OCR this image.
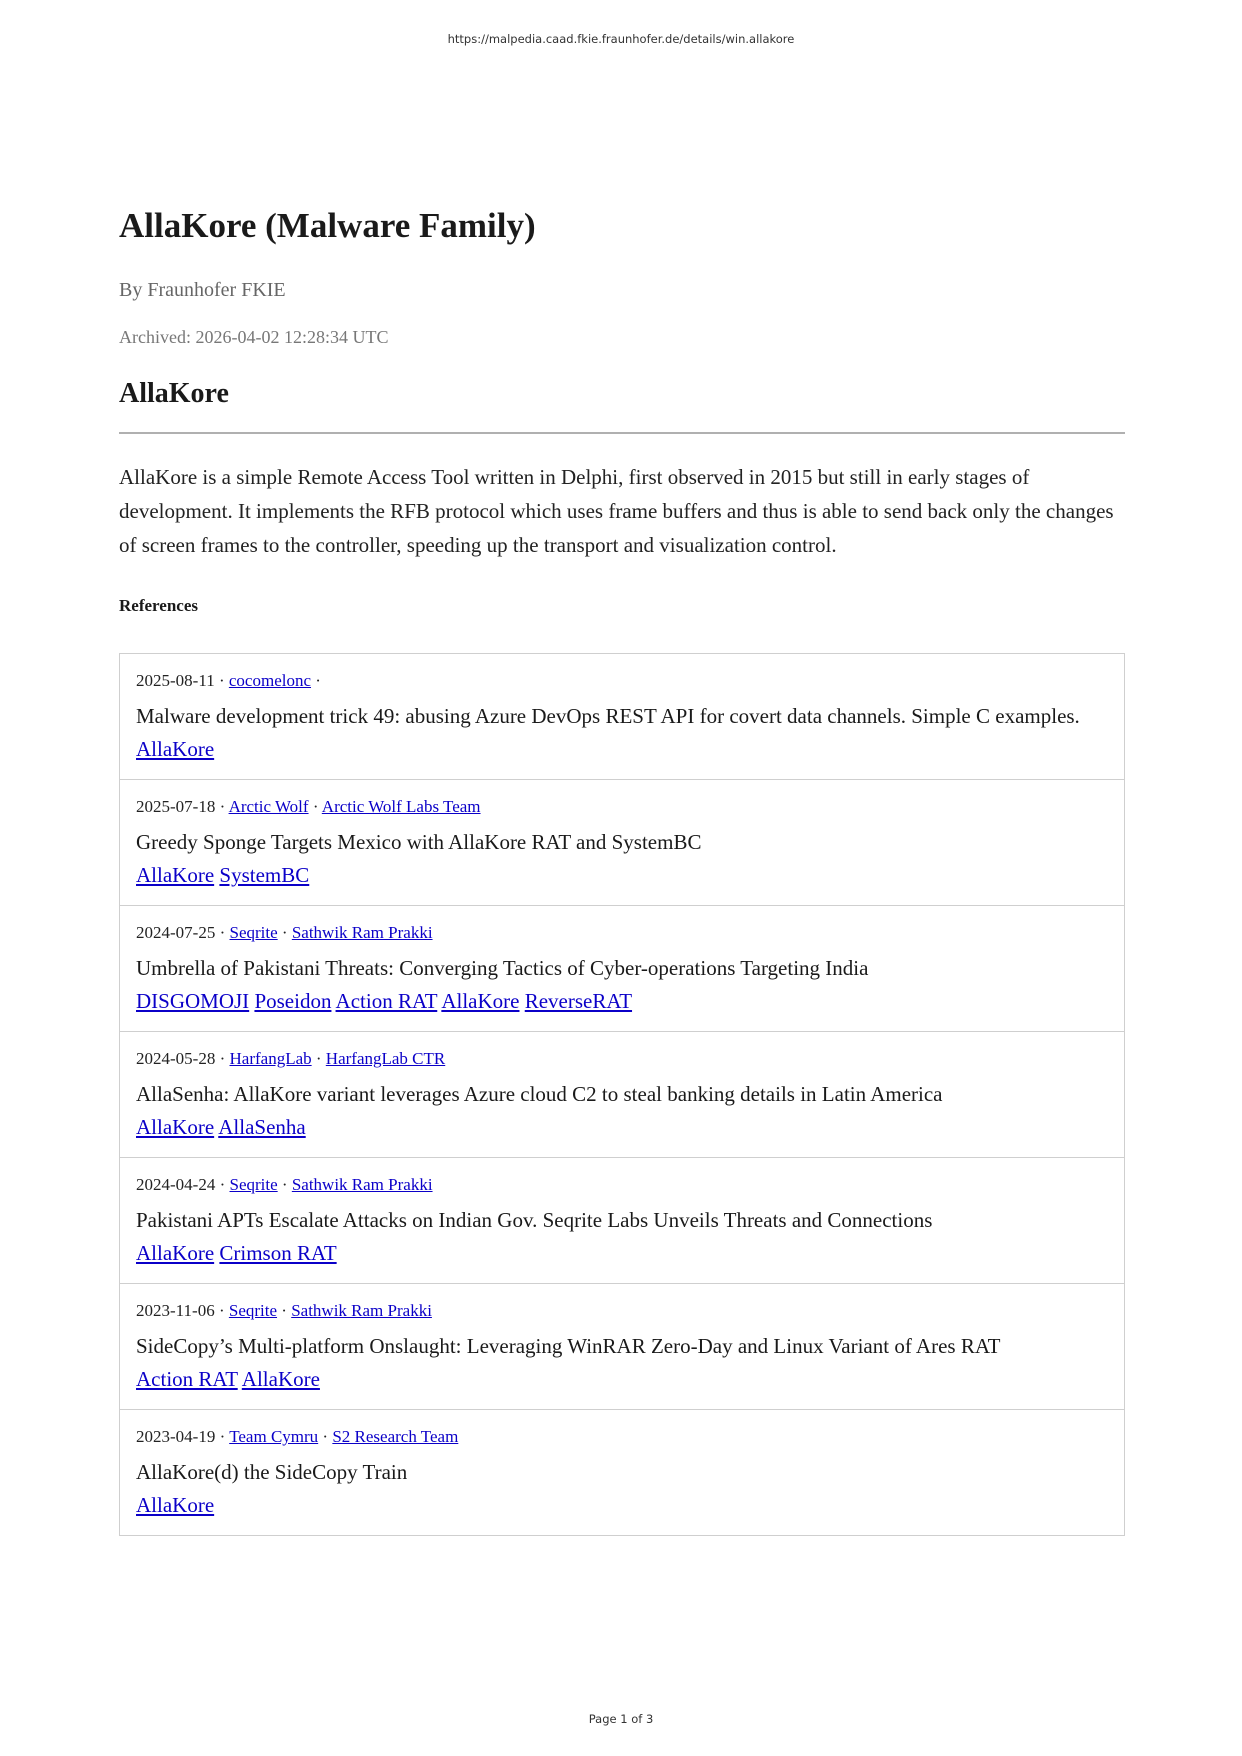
https://malpedia.caad.fkie.fraunhofer.de/details/win.allakore
AllaKore (Malware Family)
By Fraunhofer FKIE
Archived: 2026-04-02 12:28:34 UTC
AllaKore
AllaKore is a simple Remote Access Tool written in Delphi, first observed in 2015 but still in early stages of development. It implements the RFB protocol which uses frame buffers and thus is able to send back only the changes of screen frames to the controller, speeding up the transport and visualization control.
References
2025-08-11 · cocomelonc ·
Malware development trick 49: abusing Azure DevOps REST API for covert data channels. Simple C examples.
AllaKore
2025-07-18 · Arctic Wolf · Arctic Wolf Labs Team
Greedy Sponge Targets Mexico with AllaKore RAT and SystemBC
AllaKore SystemBC
2024-07-25 · Seqrite · Sathwik Ram Prakki
Umbrella of Pakistani Threats: Converging Tactics of Cyber-operations Targeting India
DISGOMOJI Poseidon Action RAT AllaKore ReverseRAT
2024-05-28 · HarfangLab · HarfangLab CTR
AllaSenha: AllaKore variant leverages Azure cloud C2 to steal banking details in Latin America
AllaKore AllaSenha
2024-04-24 · Seqrite · Sathwik Ram Prakki
Pakistani APTs Escalate Attacks on Indian Gov. Seqrite Labs Unveils Threats and Connections
AllaKore Crimson RAT
2023-11-06 · Seqrite · Sathwik Ram Prakki
SideCopy’s Multi-platform Onslaught: Leveraging WinRAR Zero-Day and Linux Variant of Ares RAT
Action RAT AllaKore
2023-04-19 · Team Cymru · S2 Research Team
AllaKore(d) the SideCopy Train
AllaKore
Page 1 of 3
